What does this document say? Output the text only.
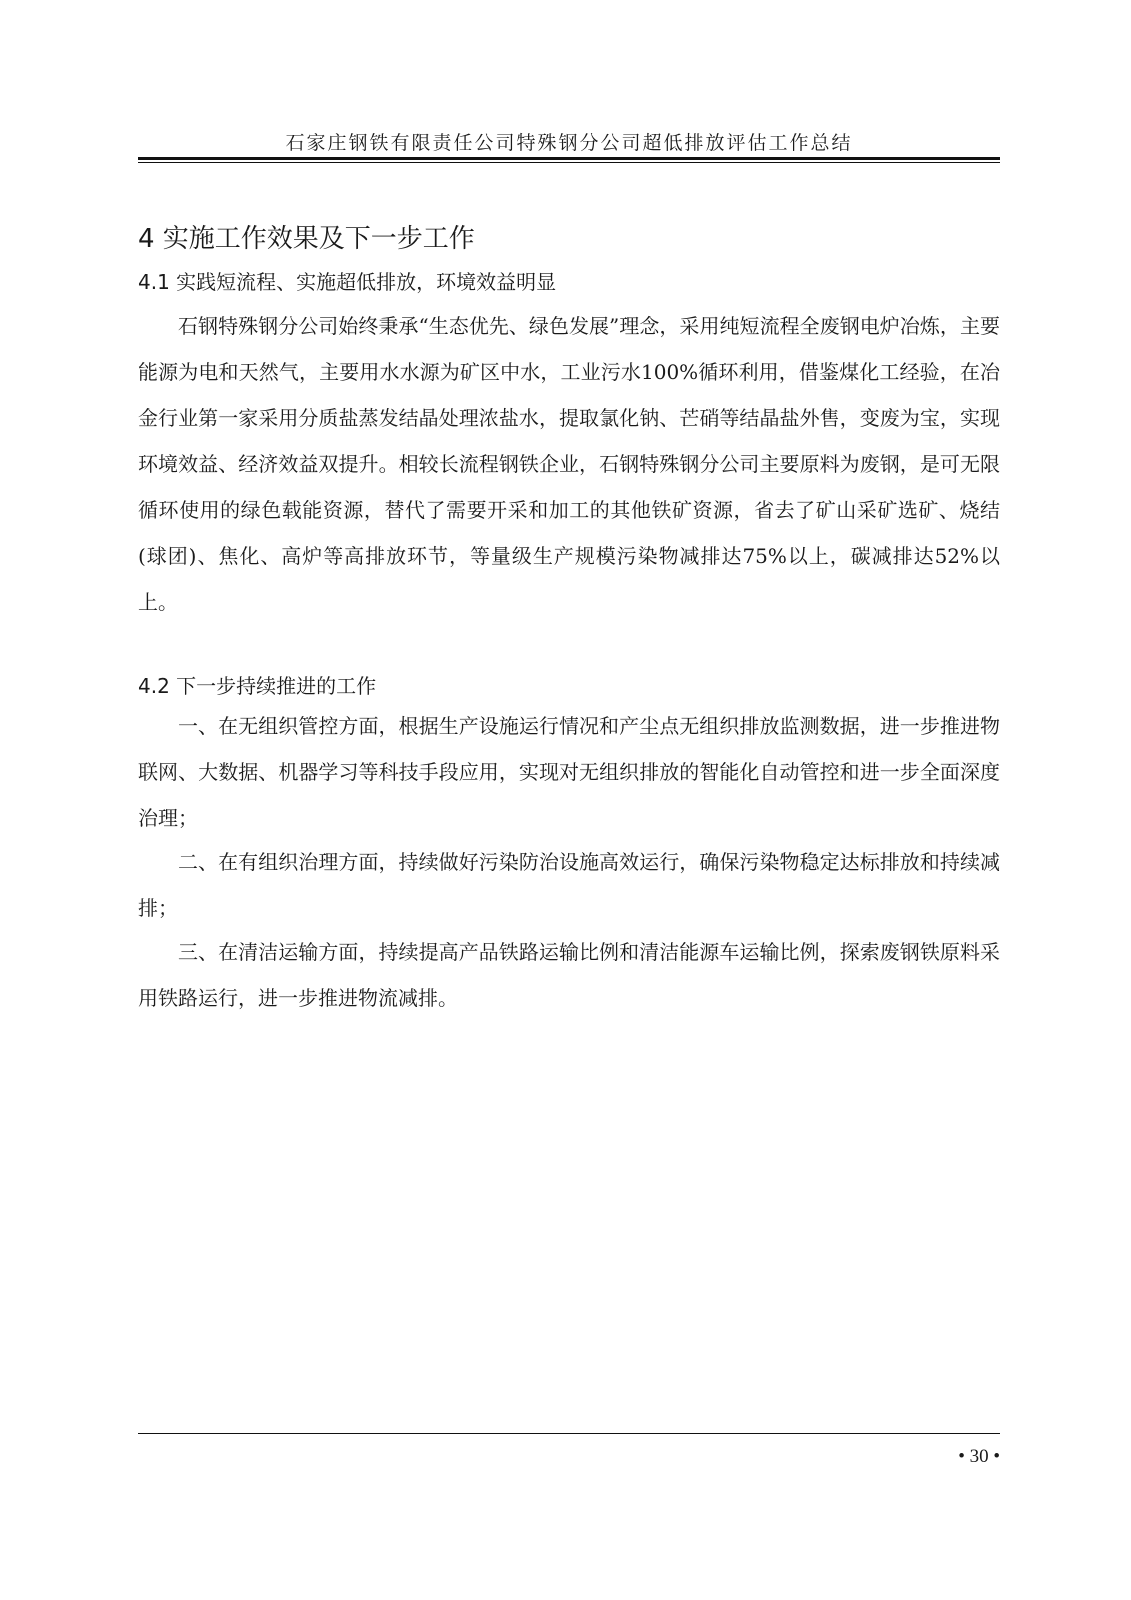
石家庄钢铁有限责任公司特殊钢分公司超低排放评估工作总结
4 实施工作效果及下一步工作
4.1 实践短流程、实施超低排放，环境效益明显

石钢特殊钢分公司始终秉承“生态优先、绿色发展”理念，采用纯短流程全废钢电炉冶炼，主要能源为电和天然气，主要用水水源为矿区中水，工业污水100%循环利用，借鉴煤化工经验，在冶金行业第一家采用分质盐蒸发结晶处理浓盐水，提取氯化钠、芒硝等结晶盐外售，变废为宝，实现环境效益、经济效益双提升。相较长流程钢铁企业，石钢特殊钢分公司主要原料为废钢，是可无限循环使用的绿色载能资源，替代了需要开采和加工的其他铁矿资源，省去了矿山采矿选矿、烧结(球团)、焦化、高炉等高排放环节，等量级生产规模污染物减排达75%以上，碳减排达52%以上。

4.2 下一步持续推进的工作

一、在无组织管控方面，根据生产设施运行情况和产尘点无组织排放监测数据，进一步推进物联网、大数据、机器学习等科技手段应用，实现对无组织排放的智能化自动管控和进一步全面深度治理；

二、在有组织治理方面，持续做好污染防治设施高效运行，确保污染物稳定达标排放和持续减排；

三、在清洁运输方面，持续提高产品铁路运输比例和清洁能源车运输比例，探索废钢铁原料采用铁路运行，进一步推进物流减排。

• 30 •
